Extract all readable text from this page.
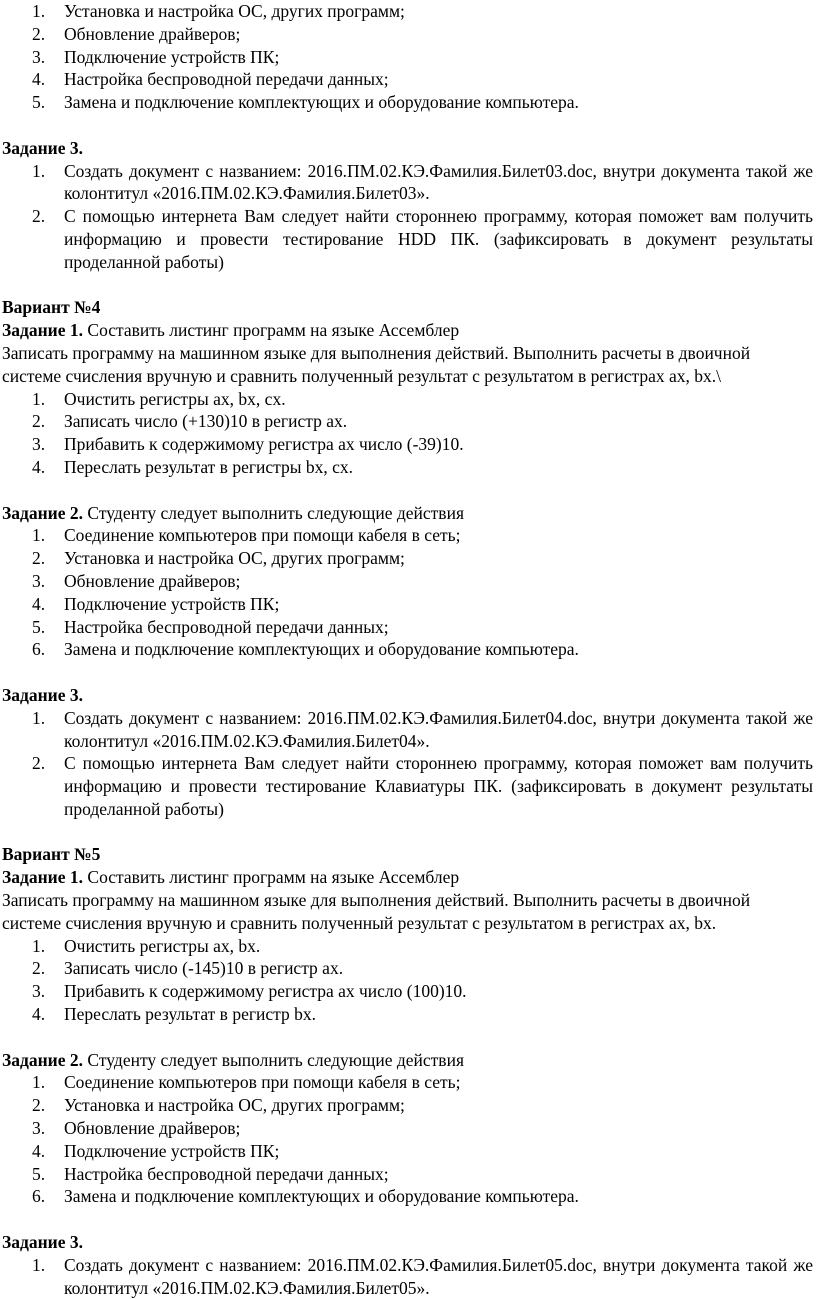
1.	Установка и настройка ОС, других программ;
2.	Обновление драйверов;
3.	Подключение устройств ПК;
4.	Настройка беспроводной передачи данных;
5.	Замена и подключение комплектующих и оборудование компьютера.
Задание 3.
1.	Создать документ с названием: 2016.ПМ.02.КЭ.Фамилия.Билет03.doc, внутри документа такой же колонтитул «2016.ПМ.02.КЭ.Фамилия.Билет03».
2.	С помощью интернета Вам следует найти стороннею программу, которая поможет вам получить информацию и провести тестирование HDD ПК. (зафиксировать в документ результаты проделанной работы)
Вариант №4
Задание 1. Составить листинг программ на языке Ассемблер
Записать программу на машинном языке для выполнения действий. Выполнить расчеты в двоичной системе счисления вручную и сравнить полученный результат с результатом в регистрах ax, bx.\
1.	Очистить регистры ax, bx, cx.
2.	Записать число (+130)10 в регистр ax.
3.	Прибавить к содержимому регистра ax число (-39)10.
4.	Переслать результат в регистры bx, cx.
Задание 2. Студенту следует выполнить следующие действия
1.	Соединение компьютеров при помощи кабеля в сеть;
2.	Установка и настройка ОС, других программ;
3.	Обновление драйверов;
4.	Подключение устройств ПК;
5.	Настройка беспроводной передачи данных;
6.	Замена и подключение комплектующих и оборудование компьютера.
Задание 3.
1.	Создать документ с названием: 2016.ПМ.02.КЭ.Фамилия.Билет04.doc, внутри документа такой же колонтитул «2016.ПМ.02.КЭ.Фамилия.Билет04».
2.	С помощью интернета Вам следует найти стороннею программу, которая поможет вам получить информацию и провести тестирование Клавиатуры ПК. (зафиксировать в документ результаты проделанной работы)
Вариант №5
Задание 1. Составить листинг программ на языке Ассемблер
Записать программу на машинном языке для выполнения действий. Выполнить расчеты в двоичной системе счисления вручную и сравнить полученный результат с результатом в регистрах ax, bx.
1.	Очистить регистры ax, bx.
2.	Записать число (-145)10 в регистр ax.
3.	Прибавить к содержимому регистра ax число (100)10.
4.	Переслать результат в регистр bx.
Задание 2. Студенту следует выполнить следующие действия
1.	Соединение компьютеров при помощи кабеля в сеть;
2.	Установка и настройка ОС, других программ;
3.	Обновление драйверов;
4.	Подключение устройств ПК;
5.	Настройка беспроводной передачи данных;
6.	Замена и подключение комплектующих и оборудование компьютера.
Задание 3.
1.	Создать документ с названием: 2016.ПМ.02.КЭ.Фамилия.Билет05.doc, внутри документа такой же колонтитул «2016.ПМ.02.КЭ.Фамилия.Билет05».
